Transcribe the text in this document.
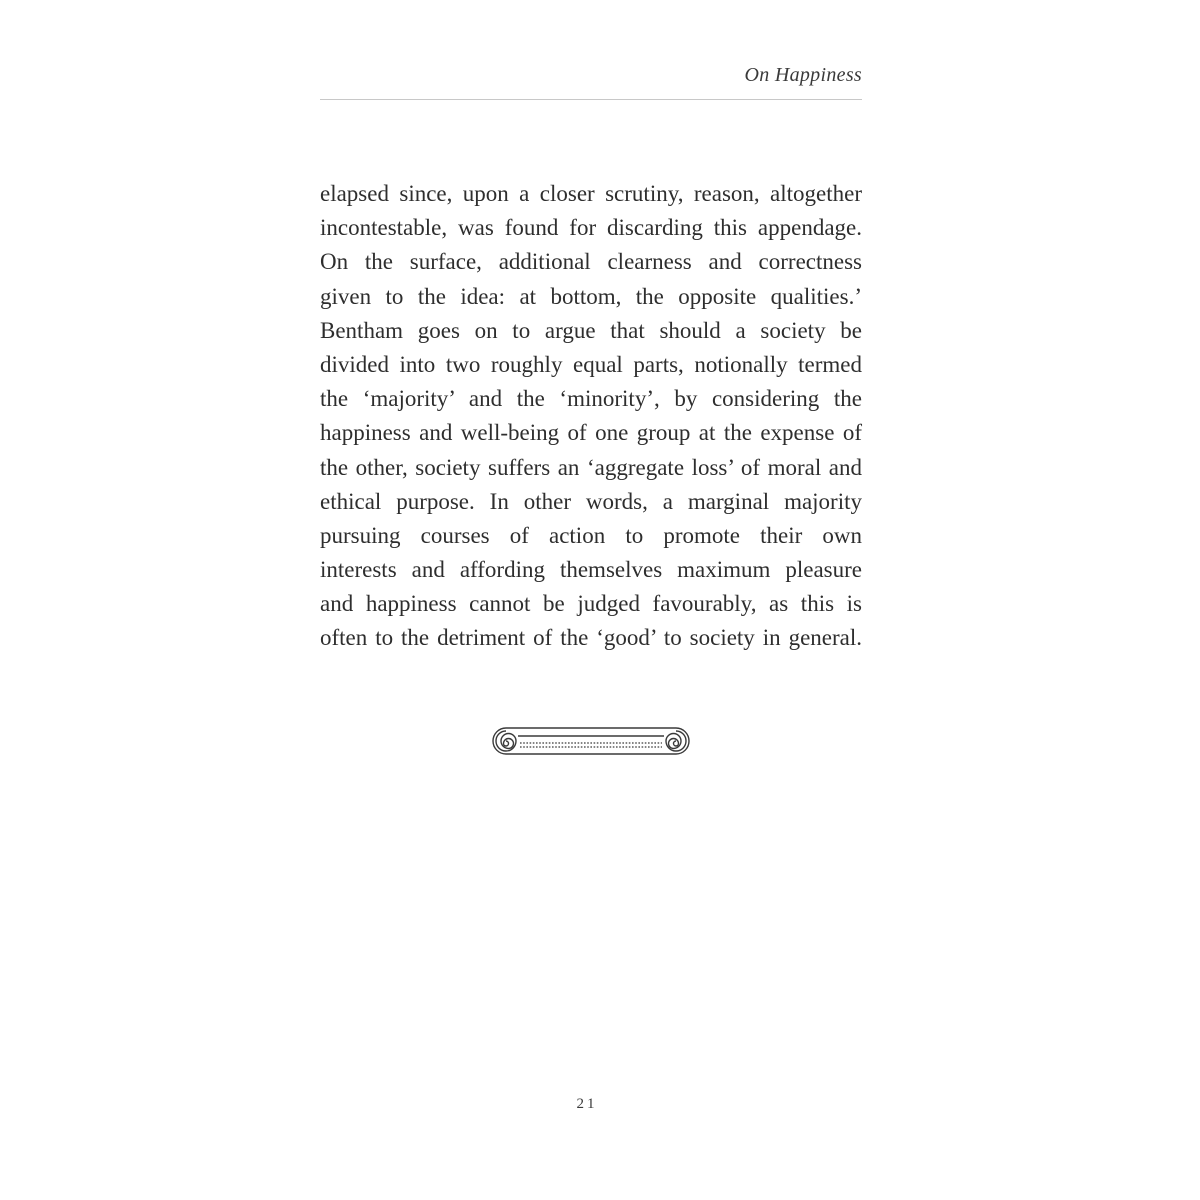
On Happiness
elapsed since, upon a closer scrutiny, reason, altogether
incontestable, was found for discarding this appendage.
On the surface, additional clearness and correctness
given to the idea: at bottom, the opposite qualities.’
Bentham goes on to argue that should a society be
divided into two roughly equal parts, notionally termed
the ‘majority’ and the ‘minority’, by considering the
happiness and well-being of one group at the expense of
the other, society suffers an ‘aggregate loss’ of moral and
ethical purpose. In other words, a marginal majority
pursuing courses of action to promote their own
interests and affording themselves maximum pleasure
and happiness cannot be judged favourably, as this is
often to the detriment of the ‘good’ to society in general.
21
